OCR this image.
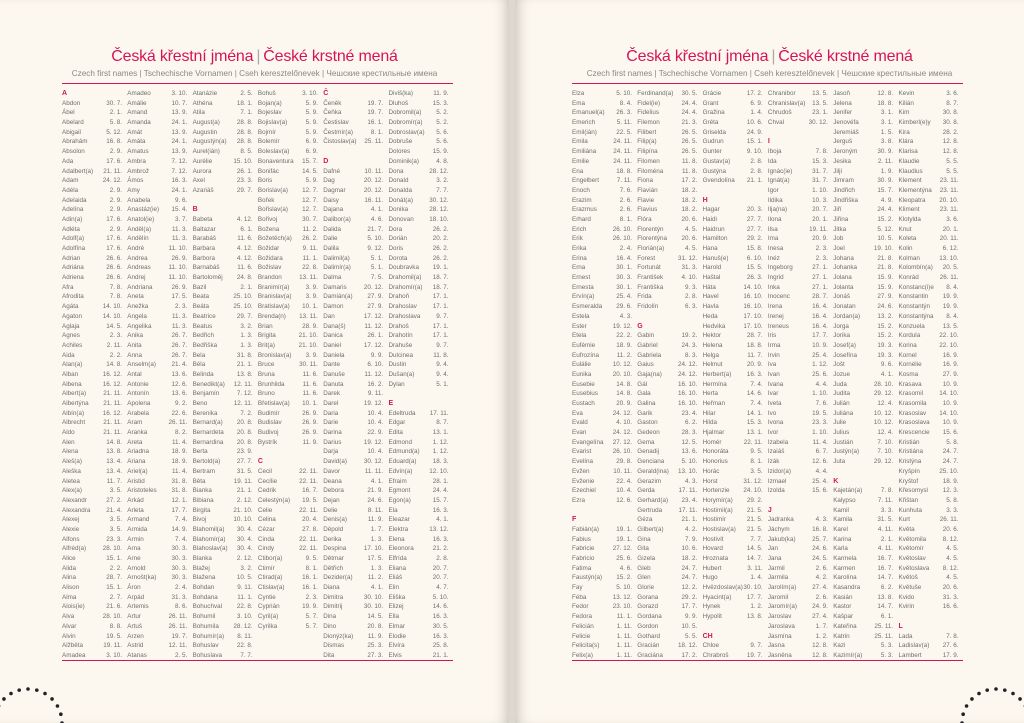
Česká křestní jména | České krstné mená
Czech first names | Tschechische Vornamen | Cseh keresztelőnevek | Чешские крестильные имена
A
Abdon	30. 7.
Ábel	2. 1.
Abelard	5. 8.
Abigail	5. 12.
Abrahám	16. 8.
Absolon	2. 9.
Ada	17. 6.
Adalbert(a) 21. 11.
Adam	24. 12.
Adéla	2. 9.
Adelaida	2. 9.
Adelína	2. 9.
Adin(a)	17. 6.
Adléta	2. 9.
Adolf(a)	17. 6.
Adolfína	17. 6.
Adrian	26. 6.
Adriána	26. 6.
Adriena	26. 6.
Afra	7. 8.
Afrodita	7. 8.
Agáta	14. 10.
Agaton	14. 10.
Aglaja	14. 5.
Agnes	2. 3.
Achiles	2. 11.
Aida	2. 2.
Alan(a)	14. 8.
Alban	16. 12.
Albena	16. 12.
Albert(a)	21. 11.
Albertýna 21. 11.
Albín(a)	16. 12.
Albrecht	21. 11.
Aldo	21. 11.
Alen	14. 8.
Alena	13. 8.
Aleš(a)	13. 4.
Aleška	13. 4.
Aletea	11. 7.
Alex(a)	3. 5.
Alexandr	27. 2.
Alexandra	21. 4.
Alexej	3. 5.
Alexie	3. 5.
Alfons	23. 3.
Alfréd(a)	28. 10.
Alice	15. 1.
Alida	2. 2.
Alina	28. 7.
Alison	15. 1.
Alma	2. 7.
Alois(ie)	21. 6.
Alva	28. 10.
Alvar	8. 8.
Alvin	19. 5.
Alžběta	19. 11.
Amadea	3. 10.
Amadeo	3. 10.
Amálie	10. 7.
Amand	13. 9.
Amanda	24. 1.
Amát	13. 9.
Amáta	24. 1.
Amatus	13. 9.
Ambra	7. 12.
Ambrož	7. 12.
Ámos	16. 3.
Amy	24. 1.
Anabela	9. 6.
Anastáz(ie) 15. 4.
Anatol(ie)	3. 7.
Anděl(a)	11. 3.
Andělín	11. 3.
André	11. 10.
Andrea	26. 9.
Andreas	11. 10.
Andrej	11. 10.
Andriana	26. 9.
Aneta	17. 5.
Anežka	2. 3.
Angela	11. 3.
Angelika	11. 3.
Anika	26. 7.
Anita	26. 7.
Anna	26. 7.
Anselm(a) 21. 4.
Antal	13. 6.
Antonie	12. 6.
Antonín	13. 6.
Apolena	9. 2.
Arabela	22. 6.
Aram	26. 11.
Aranka	8. 2.
Areta	11. 4.
Ariadna	18. 9.
Ariana	18. 9.
Ariel(a)	11. 4.
Aristid	31. 8.
Aristoteles 31. 8.
Arkád	12. 1.
Arleta	17. 7.
Armand	7. 4.
Armida	14. 9.
Armin	7. 4.
Arna	30. 3.
Arne	30. 3.
Arnold	30. 3.
Arnošt(ka) 30. 3.
Áron	2. 4.
Arpád	31. 3.
Artemis	8. 6.
Artur	26. 11.
Artuš	26. 11.
Arzen	19. 7.
Astrid	12. 11.
Atanas	2. 5.
Atanázie	2. 5.
Athéna	18. 1.
Atila	7. 1.
August(a)	28. 8.
Augustin	28. 8.
Augustýn(a) 28. 8.
Aurel(ián)	8. 5.
Aurélie	15. 10.
Aurora	26. 1.
Axel	23. 3.
Azariáš	29. 7.
B
Babeta	4. 12.
Baltazar	6. 1.
Barabáš	11. 6.
Barbara	4. 12.
Barbora	4. 12.
Barnabáš	11. 6.
Bartoloměj 24. 8.
Bazil	2. 1.
Beata	25. 10.
Beáta	25. 10.
Beatrice	29. 7.
Beatus	3. 2.
Bedřich	1. 3.
Bedřiška	1. 3.
Bela	31. 8.
Béla	21. 1.
Belinda	13. 8.
Benedikt(a) 12. 11.
Benjamín	7. 12.
Beno	12. 11.
Berenika	7. 2.
Bernard(a) 20. 8.
Bernardeta 20. 8.
Bernardina 20. 8.
Berta	23. 9.
Bertold(a)	27. 7.
Bertram	31. 5.
Běta	19. 11.
Bianka	21. 1.
Bibiana	2. 12.
Birgita	21. 10.
Bivoj	10. 10.
Blahomil(a) 30. 4.
Blahomír(a) 30. 4.
Blahoslav(a) 30. 4.
Blanka	2. 12.
Blažej	3. 2.
Blažena	10. 5.
Bohdan	9. 11.
Bohdana	11. 1.
Bohuchval 22. 8.
Bohumil	3. 10.
Bohumila 28. 12.
Bohumír(a) 8. 11.
Bohuslav	22. 8.
Bohuslava	7. 7.
Bohuš	3. 10.
Bojan(a)	5. 9.
Bojeslav	5. 9.
Bojislav(a)	5. 9.
Bojmír	5. 9.
Bolemír	6. 9.
Boleslav(a)	6. 9.
Bonaventura 15. 7.
Bonifác	14. 5.
Boris	5. 9.
Borislav(a) 12. 7.
Bořek	12. 7.
Bořislav(a) 12. 7.
Bořivoj	30. 7.
Božena	11. 2.
Božetěch(a) 26. 2.
Božidar	9. 11.
Božidara	11. 1.
Božislav	22. 8.
Brandon	13. 11.
Branimír(a)	3. 9.
Branislav(a) 3. 9.
Bratislav(a) 10. 1.
Brenda(n) 13. 11.
Brian	28. 9.
Brigita	21. 10.
Brit(a)	21. 10.
Bronislav(a) 3. 9.
Bruce	30. 11.
Bruna	11. 6.
Brunhilda	11. 6.
Bruno	11. 6.
Břetislav(a) 10. 1.
Budimír	26. 9.
Budislav	26. 9.
Budivoj	26. 9.
Bystrík	11. 9.
C
Cecil	22. 11.
Cecílie	22. 11.
Cedrik	16. 7.
Celestýn(a) 19. 5.
Celie	22. 11.
Celina	20. 4.
Cézar	27. 8.
Cinda	22. 11.
Cindy	22. 11.
Ctibor(a)	9. 5.
Ctimír	8. 1.
Ctirad(a)	16. 1.
Ctislav(a)	16. 1.
Cyntie	2. 3.
Cyprián	19. 9.
Cyril(a)	5. 7.
Cyrilka	5. 7.
Č
Čeněk	19. 7.
Čeňka	19. 7.
Čestislav	16. 1.
Čestmír(a)	8. 1.
Čistoslav(a) 25. 11.
D
Dafné	10. 11.
Dag	20. 12.
Dagmar	20. 12.
Daisy	16. 11.
Dajana	4. 1.
Dalibor(a)	4. 6.
Dalida	21. 7.
Dalie	5. 10.
Dalila	9. 12.
Dalimil(a)	5. 1.
Dalimír(a)	5. 1.
Dalma	7. 5.
Damaris	20. 12.
Damián(a) 27. 9.
Damon	27. 9.
Dan	17. 12.
Dana(š)	11. 12.
Danica	26. 1.
Daniel	17. 12.
Daniela	9. 9.
Dante	6. 10.
Danuše	11. 12.
Danuta	16. 2.
Darek	9. 11.
Darel	19. 12.
Daria	10. 4.
Darie	10. 4.
Darina	22. 9.
Darius	19. 12.
Darja	10. 4.
David(a)	30. 12.
Davor	11. 11.
Deana	4. 1.
Debora	21. 9.
Dejan	24. 6.
Delie	8. 11.
Denis(a)	11. 9.
Děpold	1. 7.
Derika	1. 3.
Despina	17. 10.
Dětmar	17. 5.
Dětřich	1. 3.
Dezider(a) 11. 2.
Diana	4. 1.
Dimitra	30. 10.
Dimitrij	30. 10.
Dina	14. 5.
Dino	20. 8.
Dionýz(ka) 11. 9.
Dismas	25. 3.
Dita	27. 3.
Diviš(ka)	11. 9.
Dluhoš	15. 3.
Dobromil(a) 5. 2.
Dobromír(a) 5. 2.
Dobroslav(a) 5. 6.
Dobruše	5. 6.
Dolores	15. 9.
Dominik(a)	4. 8.
Dona	28. 12.
Donald	3. 2.
Donalda	7. 7.
Donát(a)	30. 12.
Donika	28. 12.
Donovan 18. 10.
Dora	26. 2.
Dorián	20. 2.
Doris	26. 2.
Dorota	26. 2.
Doubravka 19. 1.
Drahomil(a) 18. 7.
Drahomír(a) 18. 7.
Drahoň	17. 1.
Drahoslav	17. 1.
Drahoslava	9. 7.
Drahoš	17. 1.
Drahotín	17. 1.
Drahuše	9. 7.
Dulcinea	11. 8.
Dustin	9. 4.
Dušan(a)	9. 4.
Dylan	5. 1.
E
Edeltruda 17. 11.
Edgar	8. 7.
Edita	13. 1.
Edmond	1. 12.
Edmund(a) 1. 12.
Eduard(a)	18. 3.
Edvín(a)	12. 10.
Efraim	28. 1.
Egmont	24. 4.
Egon(a)	15. 7.
Ela	16. 3.
Eleazar	4. 1.
Elektra	13. 12.
Elena	16. 3.
Eleonora	21. 2.
Elfrída	2. 8.
Eliana	20. 7.
Eliáš	20. 7.
Elin	4. 7.
Eliška	5. 10.
Elizej	14. 6.
Ella	16. 3.
Elmar	30. 5.
Elodie	16. 3.
Elvíra	25. 8.
Elvis	21. 1.
Česká křestní jména | České krstné mená
Czech first names | Tschechische Vornamen | Cseh keresztelőnevek | Чешские крестильные имена
Elza	5. 10.
Ema	8. 4.
Emanuel(a) 26. 3.
Emerich	5. 11.
Emil(ián)	22. 5.
Emila	24. 11.
Emiliána	24. 11.
Emilie	24. 11.
Ena	18. 8.
Engelbert	7. 11.
Enoch	7. 6.
Erazim	2. 6.
Erazmus	2. 6.
Erhard	8. 1.
Erich	26. 10.
Erik	26. 10.
Erika	2. 4.
Erina	16. 4.
Erna	30. 1.
Ernest	30. 3.
Ernesta	30. 1.
Ervín(a)	25. 4.
Esmeralda 29. 6.
Estela	4. 3.
Ester	19. 12.
Etela	22. 2.
Eufémie	18. 9.
Eufrozína	11. 2.
Eulálie	10. 12.
Eunika	20. 10.
Eusebie	14. 8.
Eusebius	14. 8.
Eustach	20. 9.
Eva	24. 12.
Evald	4. 10.
Evan	24. 12.
Evangelína 27. 12.
Evarist	26. 10.
Evelína	29. 8.
Evžen	10. 11.
Evženie	22. 4.
Ezechiel	10. 4.
Ezra	12. 6.
F
Fabián(a)	19. 1.
Fabius	19. 1.
Fabricie	27. 12.
Fabricio	25. 6.
Fatima	4. 6.
Faustýn(a) 15. 2.
Fay	5. 10.
Féba	13. 12.
Fedor	23. 10.
Fedora	11. 1.
Felicián	1. 11.
Felicie	1. 11.
Felicita(s)	1. 11.
Felix(a)	1. 11.
Ferdinand(a) 30. 5.
Fidel(ie)	24. 4.
Fidelius	24. 4.
Filemon	21. 3.
Filibert	26. 5.
Filip(a)	26. 5.
Filipína	26. 5.
Filomen	11. 8.
Filoména	11. 8.
Fiona	17. 2.
Flavián	18. 2.
Flavie	18. 2.
Flavius	18. 2.
Flóra	20. 6.
Florentýn	4. 5.
Florentýna 20. 6.
Florián(a)	4. 5.
Forest	31. 12.
Fortunát	31. 3.
František	4. 10.
Františka	9. 3.
Frida	2. 8.
Fridolín	6. 3.
G
Gabin	19. 2.
Gabriel	24. 3.
Gabriela	8. 3.
Gaius	24. 12.
Gaja(na)	24. 12.
Gál	16. 10.
Gala	16. 10.
Galina	16. 10.
Garik	23. 4.
Gaston	6. 2.
Gedeon	28. 3.
Gema	12. 5.
Genadij	13. 6.
Genciana	5. 10.
Gerald(ina) 13. 10.
Gerazim	4. 3.
Gerda	17. 11.
Gerhard(a) 23. 4.
Gertruda	17. 11.
Géza	21. 1.
Gilbert(a)	4. 2.
Gina	7. 9.
Gita	10. 6.
Gizela	18. 2.
Gleb	24. 7.
Glen	24. 7.
Glorie	12. 2.
Gorana	29. 2.
Gorazd	17. 7.
Gordana	9. 9.
Gordon	10. 5.
Gothard	5. 5.
Gracián	18. 12.
Graciána	17. 2.
Grácie	17. 2.
Grant	6. 9.
Gražina	1. 4.
Gréta	10. 6.
Griselda	24. 9.
Gudrun	15. 1.
Gunter	9. 10.
Gustav(a)	2. 8.
Gustýna	2. 8.
Gvendolína 21. 1.
H
Hagar	20. 3.
Haidi	27. 7.
Haidrun	27. 7.
Hamilton	29. 2.
Hana	15. 8.
Hanuš(e)	6. 10.
Harold	15. 5.
Haštal	26. 3.
Háta	14. 10.
Havel	16. 10.
Havla	16. 10.
Heda	17. 10.
Hedvika	17. 10.
Hektor	28. 7.
Helena	18. 8.
Helga	11. 7.
Helmut	20. 9.
Herbert(a) 16. 3.
Hermína	7. 4.
Herta	14. 6.
Heřman	7. 4.
Hilar	14. 1.
Hilda	15. 3.
Hjalmar	13. 1.
Homér	22. 11.
Honoráta	9. 5.
Honorius	8. 1.
Horác	3. 5.
Horst	31. 12.
Hortenzie 24. 10.
Horymír(a) 29. 2.
Hostimil(a) 21. 5.
Hostimír	21. 5.
Hostislav(a) 21. 5.
Hostivít	7. 7.
Hovard	14. 5.
Hroznata	14. 7.
Hubert	3. 11.
Hugo	1. 4.
Hvězdoslav(a) 30. 10.
Hyacint(a) 17. 7.
Hynek	1. 2.
Hypolit	13. 8.
CH
Chloe	9. 7.
Chrabroš	19. 7.
Chranibor	13. 5.
Chranislav(a) 13. 5.
Chrudoš	23. 1.
Chval	30. 12.
I
Iboja	7. 8.
Ida	15. 3.
Ignác(ie)	31. 7.
Ignát(a)	31. 7.
Igor	1. 10.
Ildika	10. 3.
Ilja(na)	20. 7.
Ilona	20. 1.
Ilsa	19. 11.
Ima	20. 9.
Inesa	2. 3.
Inéz	2. 3.
Ingeborg	27. 1.
Ingrid	27. 1.
Inka	27. 1.
Inocenc	28. 7.
Irena	16. 4.
Irenej	16. 4.
Ireneus	16. 4.
Iris	17. 7.
Irma	10. 9.
Irvin	25. 4.
Iva	1. 12.
Ivan	25. 6.
Ivana	4. 4.
Ivar	1. 10.
Iveta	7. 6.
Ivo	19. 5.
Ivona	23. 3.
Ivor	1. 10.
Izabela	11. 4.
Izaiáš	6. 7.
Izák	12. 6.
Izidor(a)	4. 4.
Izmael	25. 4.
Izolda	15. 6.
J
Jadranka	4. 3.
Jáchym	16. 8.
Jakub(ka)	25. 7.
Jan	24. 6.
Jana	24. 5.
Jarmil	2. 6.
Jarmila	4. 2.
Jarolím(a)	27. 4.
Jaromil	2. 6.
Jaromír(a) 24. 9.
Jaroslav	27. 4.
Jaroslava	1. 7.
Jasmína	1. 2.
Jasna	12. 8.
Jasněna	12. 8.
Jasoň	12. 8.
Jelena	18. 8.
Jenifer	3. 1.
Jenovéfa	3. 1.
Jeremiáš	1. 5.
Jerguš	3. 8.
Jeroným	30. 9.
Jesika	2. 11.
Jiljí	1. 9.
Jimram	30. 9.
Jindřich	15. 7.
Jindřiška	4. 9.
Jiří	24. 4.
Jiřina	15. 2.
Jitka	5. 12.
Job	10. 5.
Joel	19. 10.
Johana	21. 8.
Johanka	21. 8.
Jolana	15. 9.
Jolanta	15. 9.
Jonáš	27. 9.
Jonatan	24. 6.
Jordan(a)	13. 2.
Jorga	15. 2.
Jorika	15. 2.
Josef(a)	19. 3.
Josefína	19. 3.
Jošt	9. 6.
Jozue	4. 1.
Juda	28. 10.
Judita	29. 12.
Julián	12. 4.
Juliána	10. 12.
Julie	10. 12.
Julius	12. 4.
Justián	7. 10.
Justýn(a)	7. 10.
Juta	29. 12.
K
Kajetán(a)	7. 8.
Kalypso	7. 11.
Kamil	3. 3.
Kamila	31. 5.
Karel	4. 11.
Karina	2. 1.
Karla	4. 11.
Karmela	16. 7.
Karmen	16. 7.
Karolína	14. 7.
Kasandra	6. 2.
Kasián	13. 8.
Kastor	14. 7.
Kašpar	6. 1.
Kateřina	25. 11.
Katrin	25. 11.
Kazi	5. 3.
Kazimír(a)	5. 3.
Kevin	3. 6.
Kilián	8. 7.
Kim	30. 8.
Kimberl(e)y 30. 8.
Kira	28. 2.
Klára	12. 8.
Klarisa	12. 8.
Klaudie	5. 5.
Klaudius	5. 5.
Klement	23. 11.
Klementýna 23. 11.
Kleopatra 20. 10.
Kliment	23. 11.
Klotylda	3. 6.
Knut	20. 1.
Koleta	20. 11.
Kolin	6. 12.
Kolman	13. 10.
Kolombín(a) 20. 5.
Konrád	26. 11.
Konstanc(i)e 8. 4.
Konstantin 19. 9.
Konstantýn 19. 9.
Konstantýna 8. 4.
Konzuela	13. 5.
Kordula	22. 10.
Korina	22. 10.
Kornel	16. 9.
Kornélie	16. 9.
Kosma	27. 9.
Krasava	10. 9.
Krasomil	14. 10.
Krasomila	10. 9.
Krasoslav 14. 10.
Krasoslava 10. 9.
Krescencie 15. 6.
Kristián	5. 8.
Kristiána	24. 7.
Kristýna	24. 7.
Kryšpín	25. 10.
Kryštof	18. 9.
Křesomysl 12. 3.
Křištan	5. 8.
Kunhuta	3. 3.
Kurt	26. 11.
Květa	20. 6.
Květomila	8. 12.
Květomír	4. 5.
Květoslav	4. 5.
Květoslava 8. 12.
Květoš	4. 5.
Květuše	20. 6.
Kvido	31. 3.
Kvirin	16. 6.
L
Lada	7. 8.
Ladislav(a) 27. 6.
Lambert	17. 9.
